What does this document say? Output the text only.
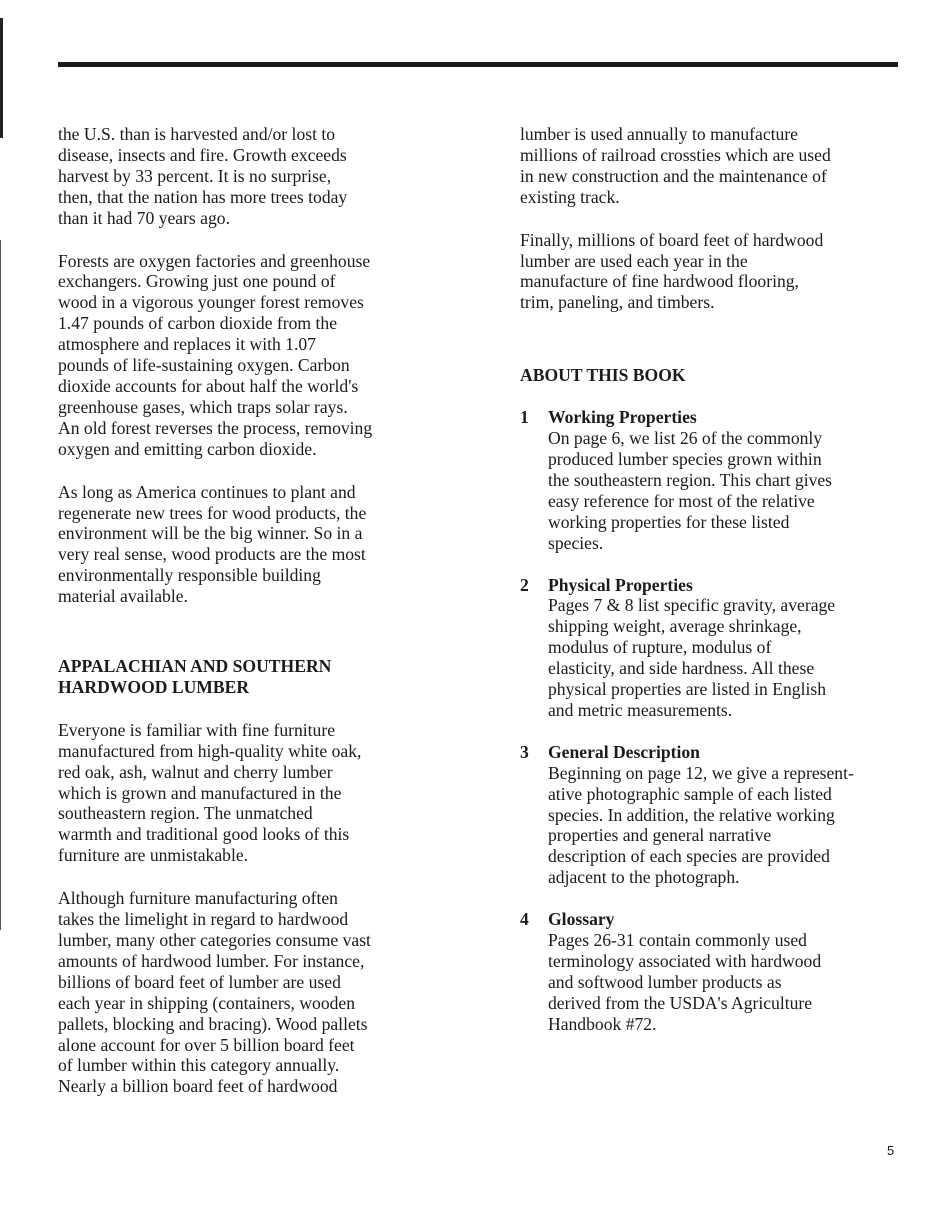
the U.S. than is harvested and/or lost to
disease, insects and fire. Growth exceeds
harvest by 33 percent. It is no surprise,
then, that the nation has more trees today
than it had 70 years ago.

Forests are oxygen factories and greenhouse
exchangers. Growing just one pound of
wood in a vigorous younger forest removes
1.47 pounds of carbon dioxide from the
atmosphere and replaces it with 1.07
pounds of life-sustaining oxygen. Carbon
dioxide accounts for about half the world's
greenhouse gases, which traps solar rays.
An old forest reverses the process, removing
oxygen and emitting carbon dioxide.

As long as America continues to plant and
regenerate new trees for wood products, the
environment will be the big winner. So in a
very real sense, wood products are the most
environmentally responsible building
material available.

APPALACHIAN AND SOUTHERN
HARDWOOD LUMBER

Everyone is familiar with fine furniture
manufactured from high-quality white oak,
red oak, ash, walnut and cherry lumber
which is grown and manufactured in the
southeastern region. The unmatched
warmth and traditional good looks of this
furniture are unmistakable.

Although furniture manufacturing often
takes the limelight in regard to hardwood
lumber, many other categories consume vast
amounts of hardwood lumber. For instance,
billions of board feet of lumber are used
each year in shipping (containers, wooden
pallets, blocking and bracing). Wood pallets
alone account for over 5 billion board feet
of lumber within this category annually.
Nearly a billion board feet of hardwood

lumber is used annually to manufacture
millions of railroad crossties which are used
in new construction and the maintenance of
existing track.

Finally, millions of board feet of hardwood
lumber are used each year in the
manufacture of fine hardwood flooring,
trim, paneling, and timbers.

ABOUT THIS BOOK
1	Working Properties
On page 6, we list 26 of the commonly
produced lumber species grown within
the southeastern region. This chart gives
easy reference for most of the relative
working properties for these listed
species.
2	Physical Properties
Pages 7 & 8 list specific gravity, average
shipping weight, average shrinkage,
modulus of rupture, modulus of
elasticity, and side hardness. All these
physical properties are listed in English
and metric measurements.
3	General Description
Beginning on page 12, we give a represent-
ative photographic sample of each listed
species. In addition, the relative working
properties and general narrative
description of each species are provided
adjacent to the photograph.
4	Glossary
Pages 26-31 contain commonly used
terminology associated with hardwood
and softwood lumber products as
derived from the USDA's Agriculture
Handbook #72.
5
